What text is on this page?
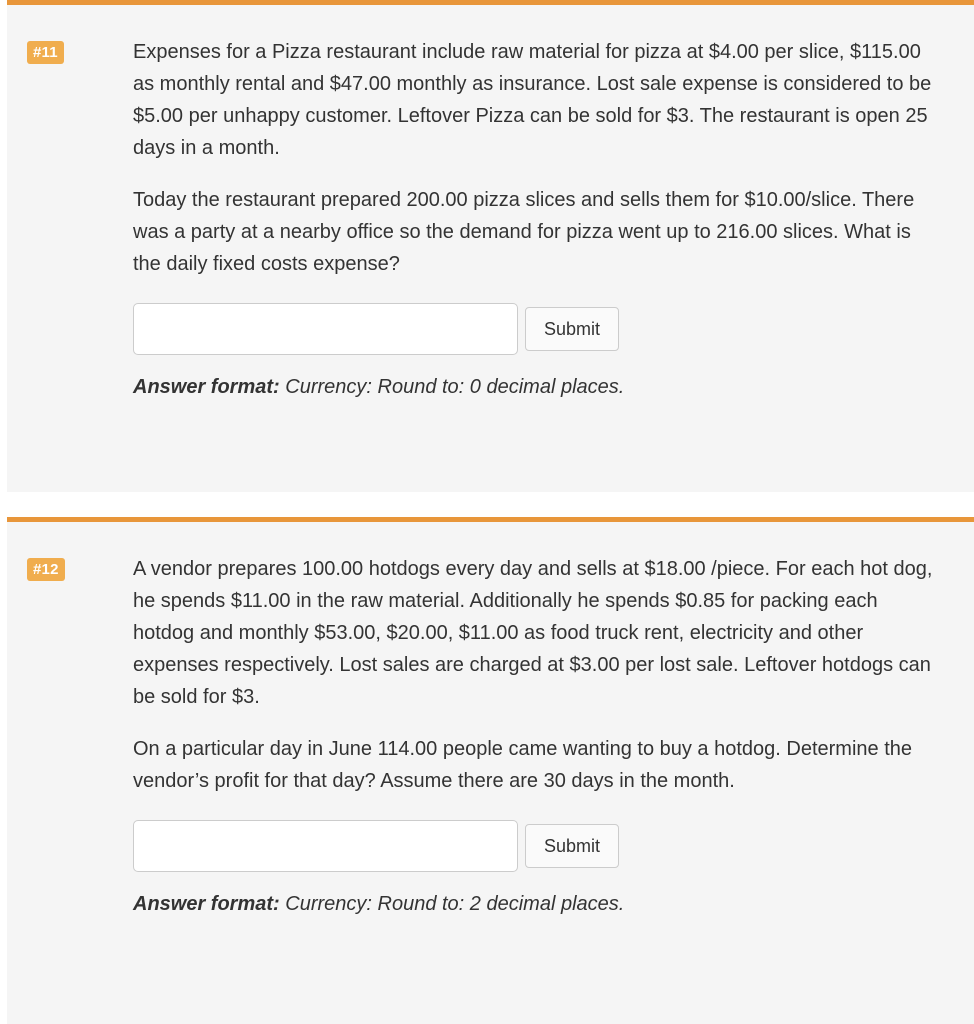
#11	Expenses for a Pizza restaurant include raw material for pizza at $4.00 per slice, $115.00 as monthly rental and $47.00 monthly as insurance. Lost sale expense is considered to be $5.00 per unhappy customer. Leftover Pizza can be sold for $3. The restaurant is open 25 days in a month.

Today the restaurant prepared 200.00 pizza slices and sells them for $10.00/slice. There was a party at a nearby office so the demand for pizza went up to 216.00 slices. What is the daily fixed costs expense?

Submit
Answer format: Currency: Round to: 0 decimal places.
#12	A vendor prepares 100.00 hotdogs every day and sells at $18.00 /piece. For each hot dog, he spends $11.00 in the raw material. Additionally he spends $0.85 for packing each hotdog and monthly $53.00, $20.00, $11.00 as food truck rent, electricity and other expenses respectively. Lost sales are charged at $3.00 per lost sale. Leftover hotdogs can be sold for $3.

On a particular day in June 114.00 people came wanting to buy a hotdog. Determine the vendor’s profit for that day? Assume there are 30 days in the month.

Submit
Answer format: Currency: Round to: 2 decimal places.
